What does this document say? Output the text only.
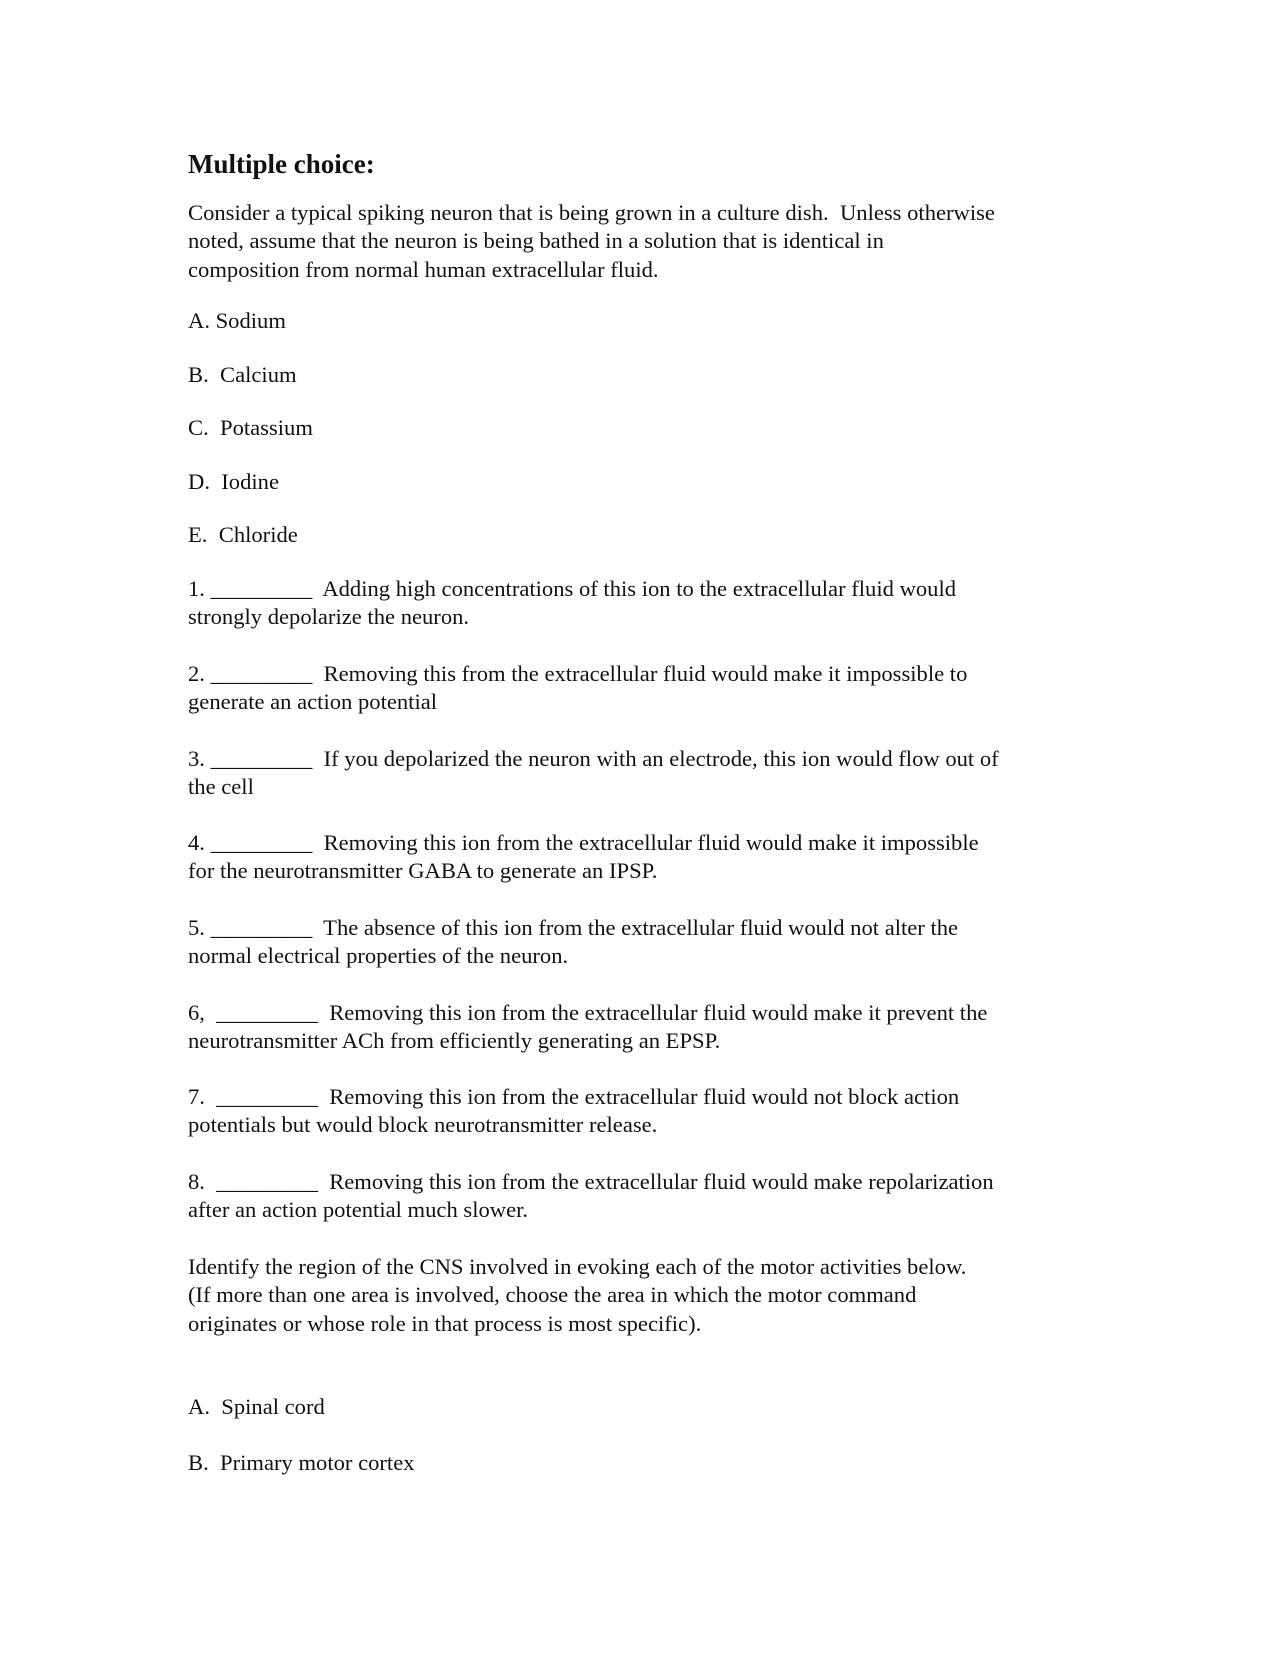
Multiple choice:
Consider a typical spiking neuron that is being grown in a culture dish.  Unless otherwise
noted, assume that the neuron is being bathed in a solution that is identical in
composition from normal human extracellular fluid.
A. Sodium
B.  Calcium
C.  Potassium
D.  Iodine
E.  Chloride
1. _________  Adding high concentrations of this ion to the extracellular fluid would
strongly depolarize the neuron.
2. _________  Removing this from the extracellular fluid would make it impossible to
generate an action potential
3. _________  If you depolarized the neuron with an electrode, this ion would flow out of
the cell
4. _________  Removing this ion from the extracellular fluid would make it impossible
for the neurotransmitter GABA to generate an IPSP.
5. _________  The absence of this ion from the extracellular fluid would not alter the
normal electrical properties of the neuron.
6,  _________  Removing this ion from the extracellular fluid would make it prevent the
neurotransmitter ACh from efficiently generating an EPSP.
7.  _________  Removing this ion from the extracellular fluid would not block action
potentials but would block neurotransmitter release.
8.  _________  Removing this ion from the extracellular fluid would make repolarization
after an action potential much slower.
Identify the region of the CNS involved in evoking each of the motor activities below.
(If more than one area is involved, choose the area in which the motor command
originates or whose role in that process is most specific).
A.  Spinal cord
B.  Primary motor cortex
